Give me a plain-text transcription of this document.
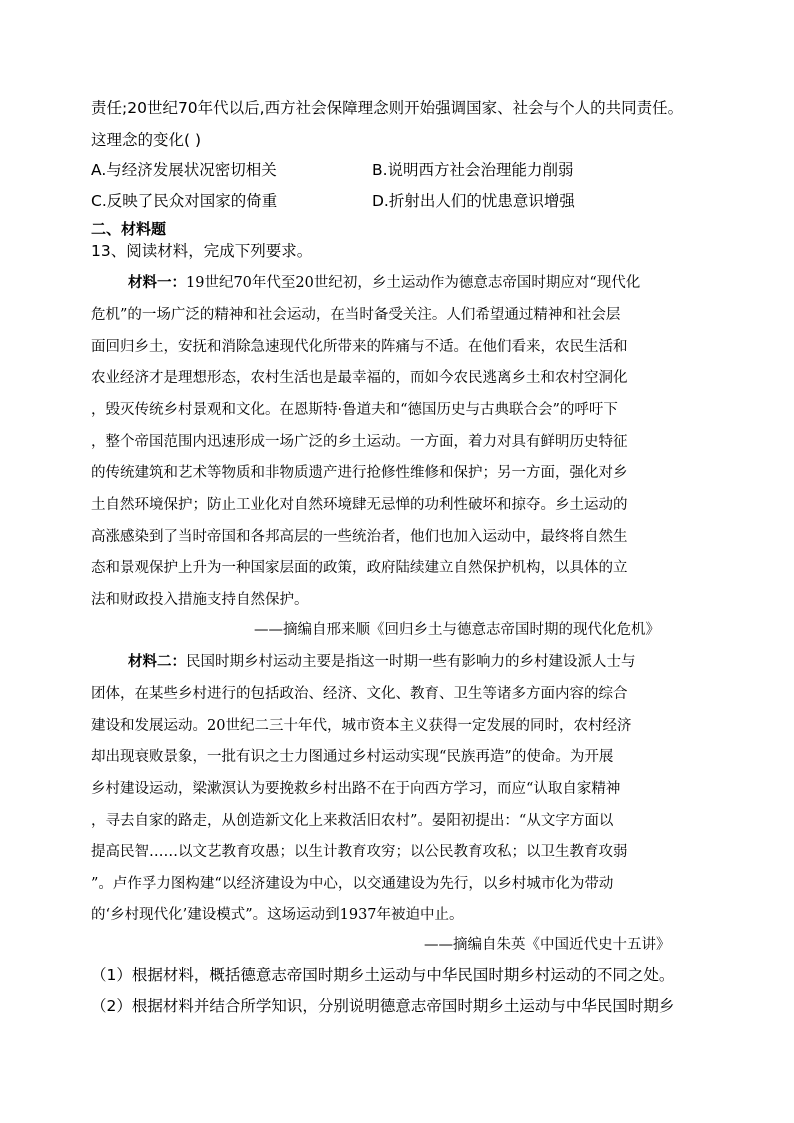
责任;20世纪70年代以后,西方社会保障理念则开始强调国家、社会与个人的共同责任。
这理念的变化( )
A.与经济发展状况密切相关	B.说明西方社会治理能力削弱
C.反映了民众对国家的倚重	D.折射出人们的忧患意识增强
二、材料题
13、阅读材料，完成下列要求。
材料一：19世纪70年代至20世纪初，乡土运动作为德意志帝国时期应对“现代化
危机”的一场广泛的精神和社会运动，在当时备受关注。人们希望通过精神和社会层
面回归乡土，安抚和消除急速现代化所带来的阵痛与不适。在他们看来，农民生活和
农业经济才是理想形态，农村生活也是最幸福的，而如今农民逃离乡土和农村空洞化
，毁灭传统乡村景观和文化。在恩斯特·鲁道夫和“德国历史与古典联合会”的呼吁下
，整个帝国范围内迅速形成一场广泛的乡土运动。一方面，着力对具有鲜明历史特征
的传统建筑和艺术等物质和非物质遗产进行抢修性维修和保护；另一方面，强化对乡
土自然环境保护；防止工业化对自然环境肆无忌惮的功利性破坏和掠夺。乡土运动的
高涨感染到了当时帝国和各邦高层的一些统治者，他们也加入运动中，最终将自然生
态和景观保护上升为一种国家层面的政策，政府陆续建立自然保护机构，以具体的立
法和财政投入措施支持自然保护。
——摘编自邢来顺《回归乡土与德意志帝国时期的现代化危机》
材料二：民国时期乡村运动主要是指这一时期一些有影响力的乡村建设派人士与
团体，在某些乡村进行的包括政治、经济、文化、教育、卫生等诸多方面内容的综合
建设和发展运动。20世纪二三十年代，城市资本主义获得一定发展的同时，农村经济
却出现衰败景象，一批有识之士力图通过乡村运动实现“民族再造”的使命。为开展
乡村建设运动，梁漱溟认为要挽救乡村出路不在于向西方学习，而应“认取自家精神
，寻去自家的路走，从创造新文化上来救活旧农村”。晏阳初提出：“从文字方面以
提高民智……以文艺教育攻愚；以生计教育攻穷；以公民教育攻私；以卫生教育攻弱
”。卢作孚力图构建“以经济建设为中心，以交通建设为先行，以乡村城市化为带动
的‘乡村现代化’建设模式”。这场运动到1937年被迫中止。
——摘编自朱英《中国近代史十五讲》
（1）根据材料，概括德意志帝国时期乡土运动与中华民国时期乡村运动的不同之处。
（2）根据材料并结合所学知识，分别说明德意志帝国时期乡土运动与中华民国时期乡
